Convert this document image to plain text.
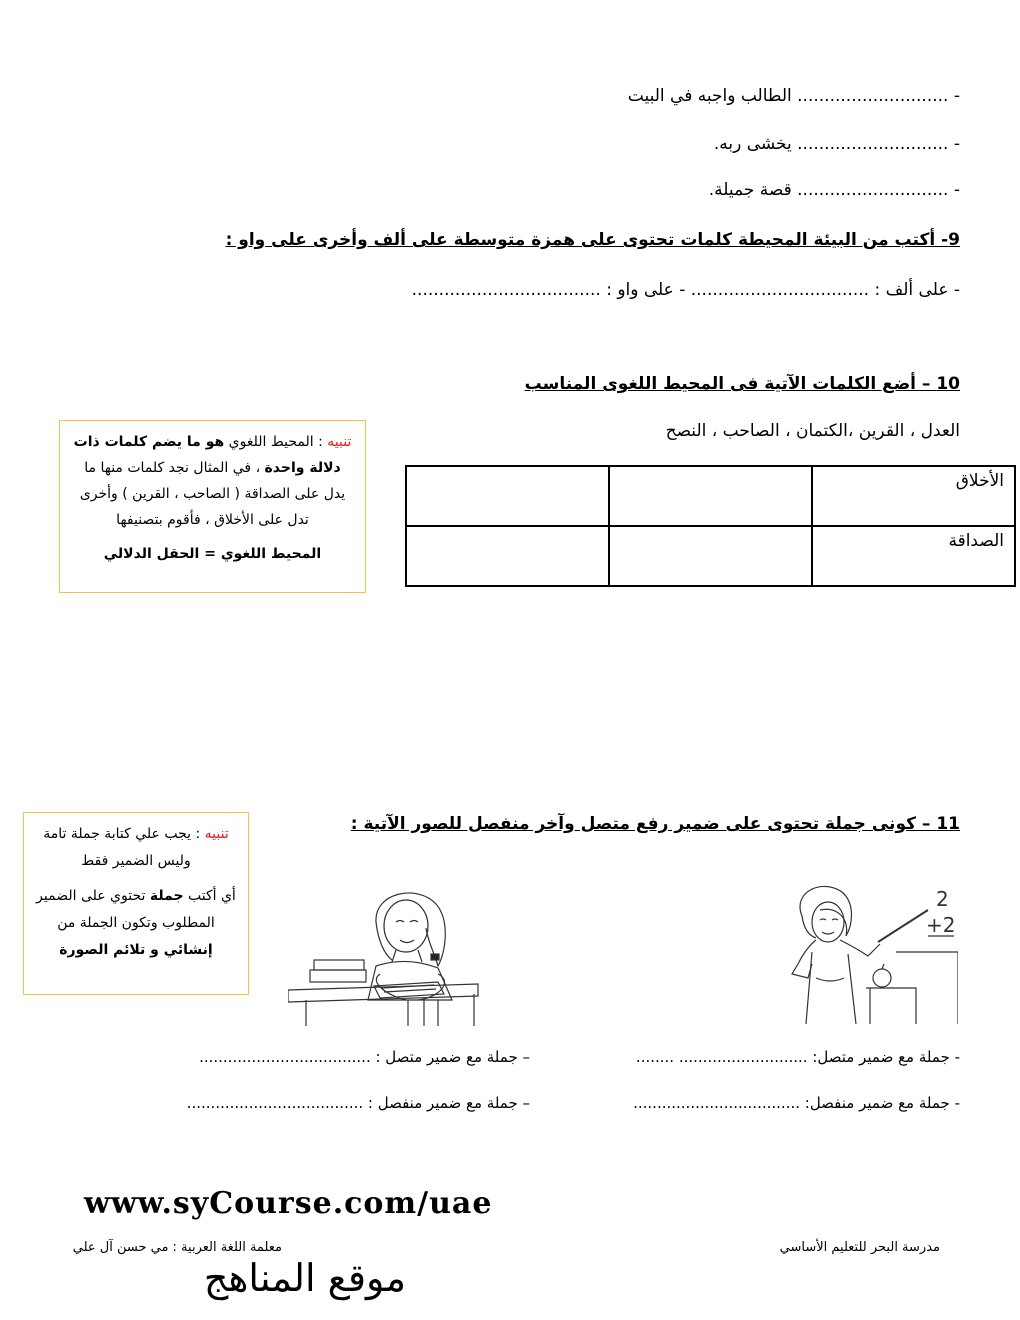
- ............................ الطالب واجبه في البيت
- ............................ يخشى ربه.
- ............................ قصة جميلة.
9- أكتب من البيئة المحيطة كلمات تحتوى على همزة متوسطة على ألف وأخرى على واو :
- على ألف : ................................. - على واو : ...................................
10 – أضع الكلمات الآتية فى المحيط اللغوى المناسب
العدل ، القرين ،الكتمان ، الصاحب ، النصح
الأخلاق		
الصداقة		
تنبيه : المحيط اللغوي هو ما يضم كلمات ذات دلالة واحدة ، في المثال نجد كلمات منها ما يدل على الصداقة ( الصاحب ، القرين ) وأخرى تدل على الأخلاق ، فأقوم بتصنيفها
المحيط اللغوي = الحقل الدلالي
11 – كونى جملة تحتوى على ضمير رفع متصل وآخر منفصل للصور الآتية :
تنبيه : يجب علي كتابة جملة تامة وليس الضمير فقط
أي أكتب جملة تحتوي على الضمير المطلوب وتكون الجملة من إنشائي و تلائم الصورة
2
+2
- جملة مع ضمير متصل: ........................... ........
- جملة مع ضمير منفصل: ...................................
– جملة مع ضمير متصل : ....................................
– جملة مع ضمير منفصل : .....................................
www.syCourse.com/uae
مدرسة البحر للتعليم الأساسي
معلمة اللغة العربية : مي حسن آل علي
موقع المناهج
